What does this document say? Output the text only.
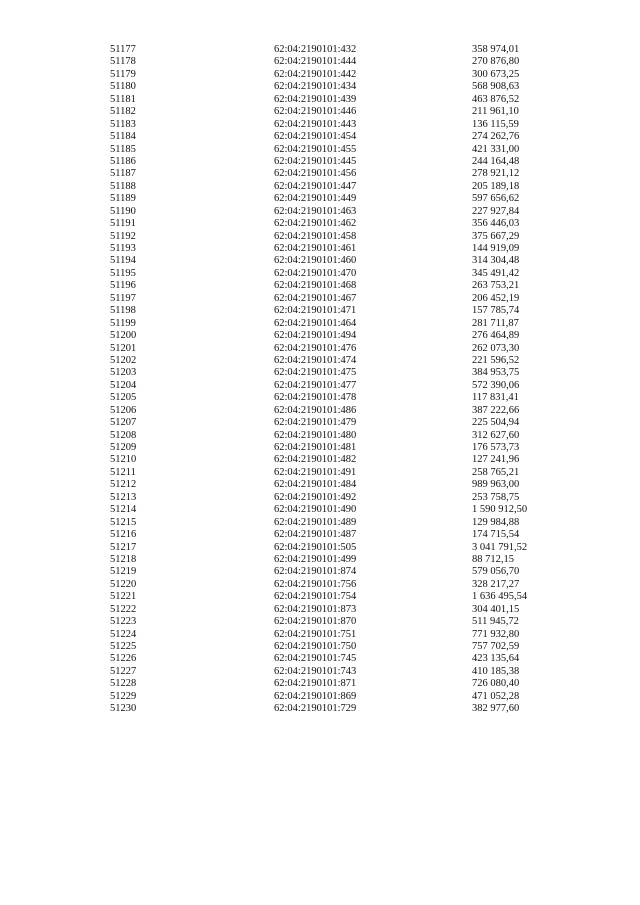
51177	62:04:2190101:432	358 974,01
51178	62:04:2190101:444	270 876,80
51179	62:04:2190101:442	300 673,25
51180	62:04:2190101:434	568 908,63
51181	62:04:2190101:439	463 876,52
51182	62:04:2190101:446	211 961,10
51183	62:04:2190101:443	136 115,59
51184	62:04:2190101:454	274 262,76
51185	62:04:2190101:455	421 331,00
51186	62:04:2190101:445	244 164,48
51187	62:04:2190101:456	278 921,12
51188	62:04:2190101:447	205 189,18
51189	62:04:2190101:449	597 656,62
51190	62:04:2190101:463	227 927,84
51191	62:04:2190101:462	356 446,03
51192	62:04:2190101:458	375 667,29
51193	62:04:2190101:461	144 919,09
51194	62:04:2190101:460	314 304,48
51195	62:04:2190101:470	345 491,42
51196	62:04:2190101:468	263 753,21
51197	62:04:2190101:467	206 452,19
51198	62:04:2190101:471	157 785,74
51199	62:04:2190101:464	281 711,87
51200	62:04:2190101:494	276 464,89
51201	62:04:2190101:476	262 073,30
51202	62:04:2190101:474	221 596,52
51203	62:04:2190101:475	384 953,75
51204	62:04:2190101:477	572 390,06
51205	62:04:2190101:478	117 831,41
51206	62:04:2190101:486	387 222,66
51207	62:04:2190101:479	225 504,94
51208	62:04:2190101:480	312 627,60
51209	62:04:2190101:481	176 573,73
51210	62:04:2190101:482	127 241,96
51211	62:04:2190101:491	258 765,21
51212	62:04:2190101:484	989 963,00
51213	62:04:2190101:492	253 758,75
51214	62:04:2190101:490	1 590 912,50
51215	62:04:2190101:489	129 984,88
51216	62:04:2190101:487	174 715,54
51217	62:04:2190101:505	3 041 791,52
51218	62:04:2190101:499	88 712,15
51219	62:04:2190101:874	579 056,70
51220	62:04:2190101:756	328 217,27
51221	62:04:2190101:754	1 636 495,54
51222	62:04:2190101:873	304 401,15
51223	62:04:2190101:870	511 945,72
51224	62:04:2190101:751	771 932,80
51225	62:04:2190101:750	757 702,59
51226	62:04:2190101:745	423 135,64
51227	62:04:2190101:743	410 185,38
51228	62:04:2190101:871	726 080,40
51229	62:04:2190101:869	471 052,28
51230	62:04:2190101:729	382 977,60
